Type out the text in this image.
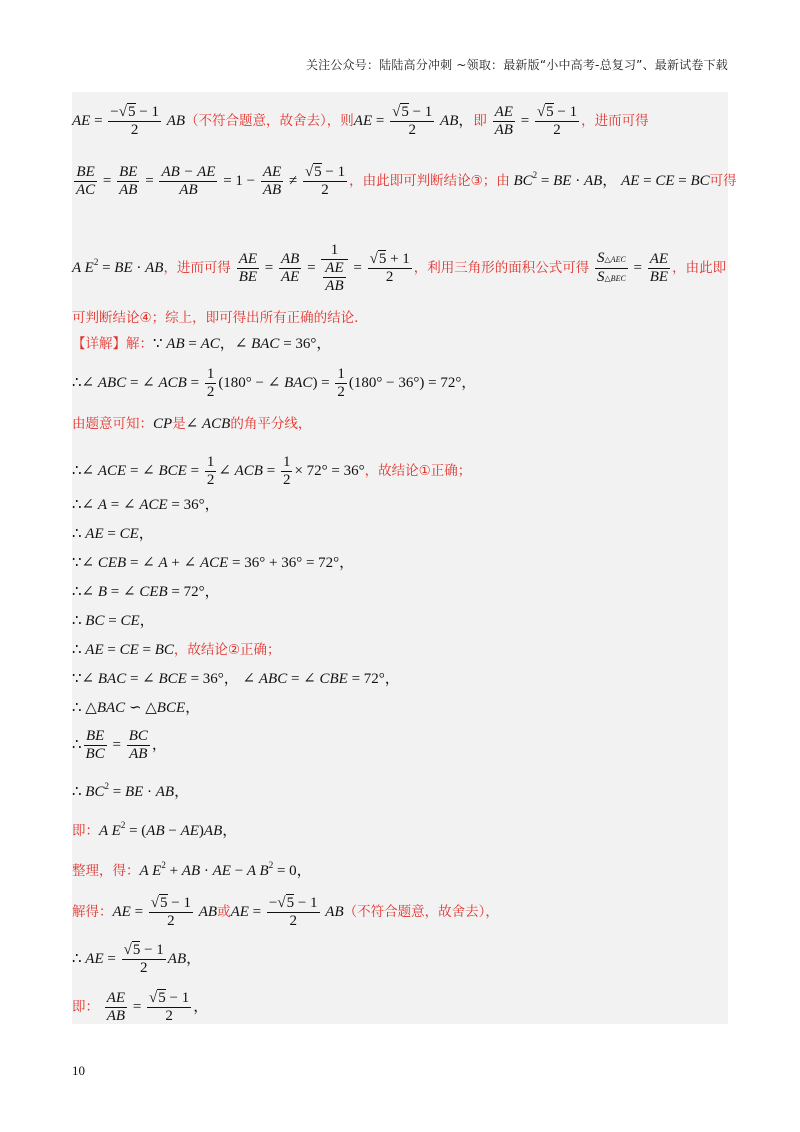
关注公众号：陆陆高分冲刺 ~领取：最新版“小中高考-总复习”、最新试卷下载
AE = $\frac{-√5 - 1}{2} AB$（不符合题意，故舍去），则AE = $\frac{√5 - 1}{2}$ AB，即 $\frac{AE}{AB} = \frac{√5 - 1}{2}$ ，进而可得
$\frac{BE}{AC} = \frac{BE}{AB} = \frac{AB - AE}{AB} = 1 - \frac{AE}{AB} \ne \frac{√5 - 1}{2}$ ，由此即可判断结论③；由 $BC^2$ = BE · AB， AE = CE = BC可得
A $E^2$ = BE · AB，进而可得 $\frac{AE}{BE} = \frac{AB}{AE} = \frac{1}{\frac{AE}{AB}} = \frac{√5 + 1}{2}$ ，利用三角形的面积公式可得 $\frac{\text{S△AEC}}{\text{S△BEC}} = \frac{AE}{BE}$ ，由此即
可判断结论④；综上，即可得出所有正确的结论.
【详解】解：∵ AB = AC，∠ BAC = 36°，
∴∠ ABC = ∠ ACB = $\frac{1}{2} (180^\circ$ − ∠ $BAC) = \frac{1}{2} (180^\circ - 36^\circ) = 72^\circ$，
由题意可知：CP是∠ ACB的角平分线，
∴∠ ACE = ∠ BCE = $\frac{1}{2}$ ∠ ACB = $\frac{1}{2} \times 72^\circ = 36^\circ$，故结论①正确；
∴∠ A = ∠ ACE = 36°，
∴ AE = CE，
∵∠ CEB = ∠ A + ∠ ACE = 36° + 36° = 72°，
∴∠ B = ∠ CEB = 72°，
∴ BC = CE，
∴ AE = CE = BC，故结论②正确；
∵∠ BAC = ∠ BCE = 36°， ∠ ABC = ∠ CBE = 72°，
∴ △BAC ∽ △BCE，
∴ $\frac{BE}{BC} = \frac{BC}{AB}$ ，
∴ $BC^2$ = BE · AB，
即：A $E^2 = (AB - AE)AB$，
整理，得：A $E^2$ + AB · AE − A $B^2 = 0$，
解得：AE = $\frac{√5 - 1}{2}$ AB或AE = $\frac{-√5 - 1}{2} AB$（不符合题意，故舍去），
∴ AE = $\frac{√5 - 1}{2}$ AB，
即： $\frac{AE}{AB} = \frac{√5 - 1}{2}$ ，
10
